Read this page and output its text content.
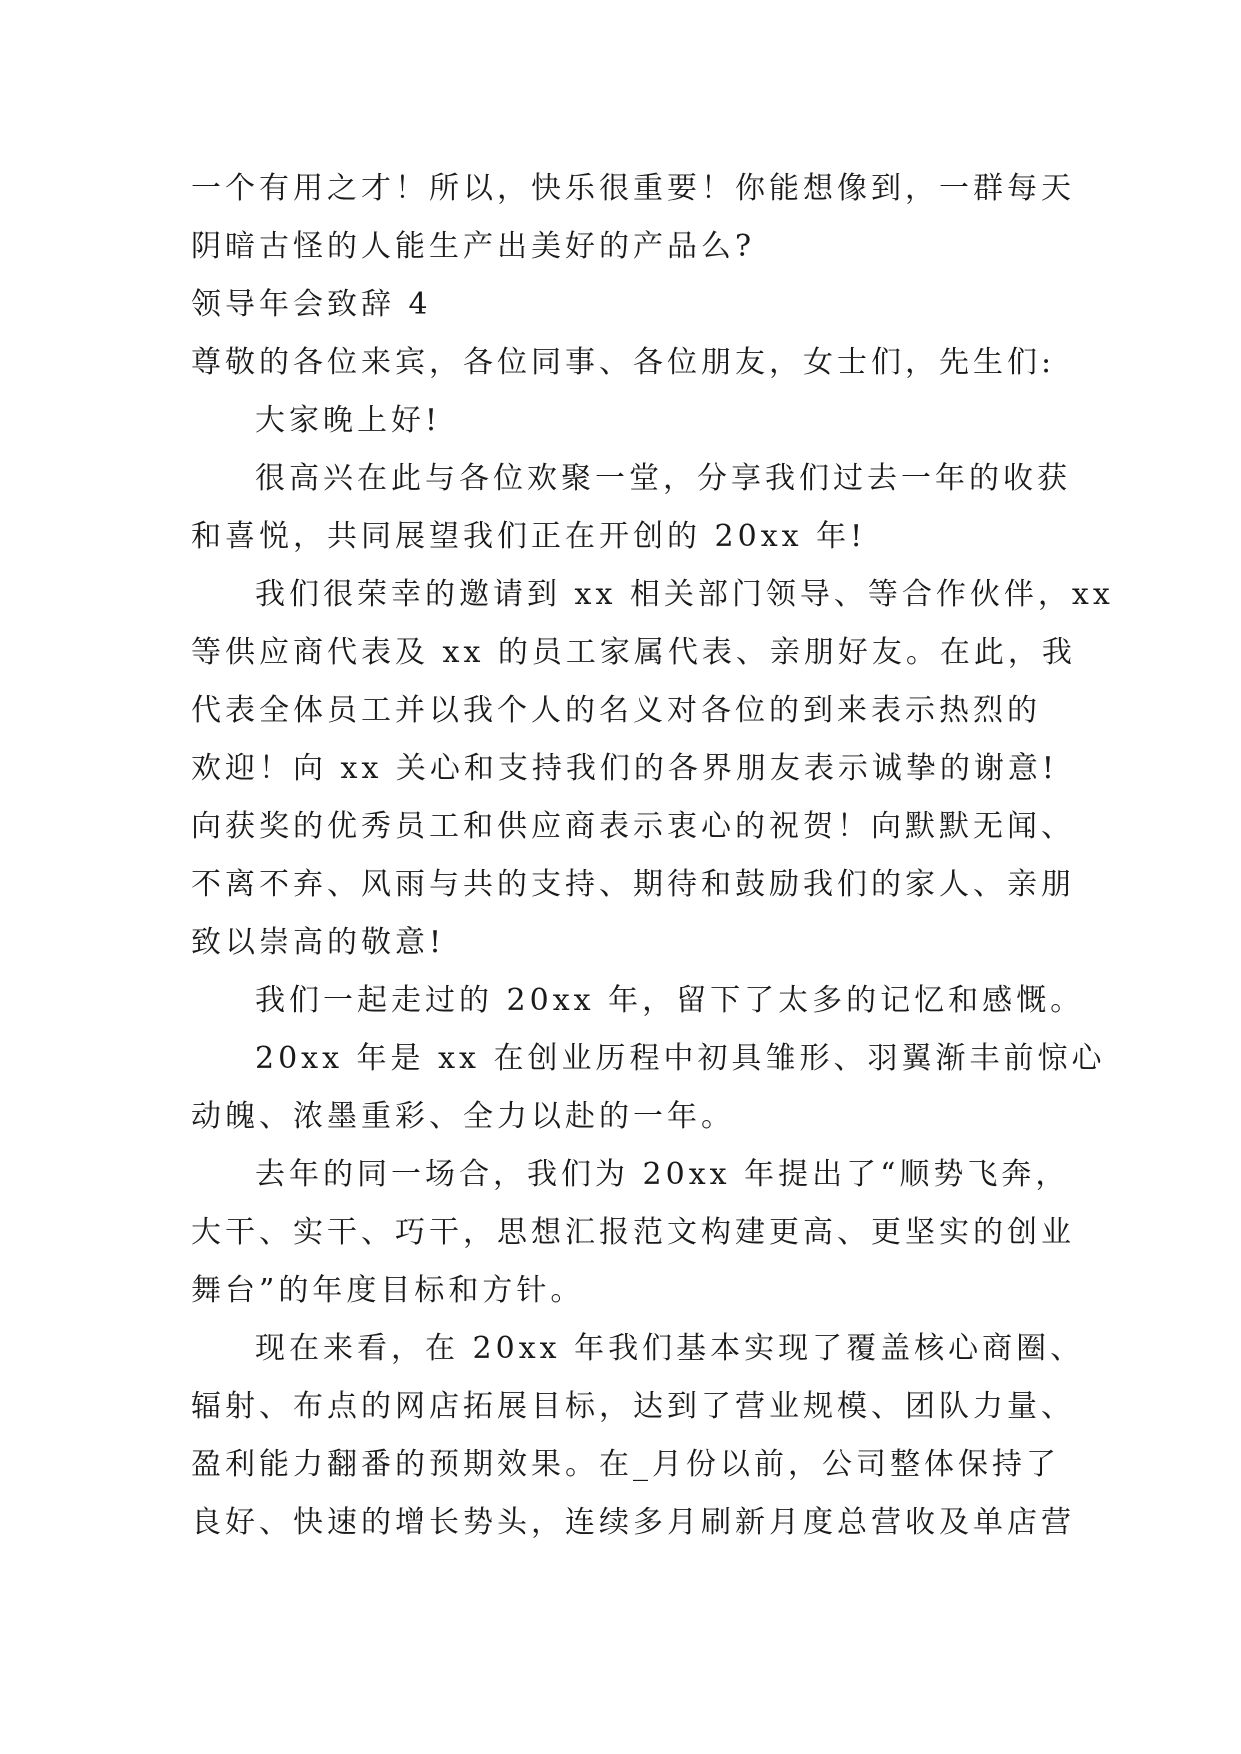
一个有用之才！所以，快乐很重要！你能想像到，一群每天
阴暗古怪的人能生产出美好的产品么?
领导年会致辞 4
尊敬的各位来宾，各位同事、各位朋友，女士们，先生们:
大家晚上好!
很高兴在此与各位欢聚一堂，分享我们过去一年的收获
和喜悦，共同展望我们正在开创的 20xx 年!
我们很荣幸的邀请到 xx 相关部门领导、等合作伙伴，xx
等供应商代表及 xx 的员工家属代表、亲朋好友。在此，我
代表全体员工并以我个人的名义对各位的到来表示热烈的
欢迎！向 xx 关心和支持我们的各界朋友表示诚挚的谢意!
向获奖的优秀员工和供应商表示衷心的祝贺！向默默无闻、
不离不弃、风雨与共的支持、期待和鼓励我们的家人、亲朋
致以崇高的敬意!
我们一起走过的 20xx 年，留下了太多的记忆和感慨。
20xx 年是 xx 在创业历程中初具雏形、羽翼渐丰前惊心
动魄、浓墨重彩、全力以赴的一年。
去年的同一场合，我们为 20xx 年提出了“顺势飞奔，
大干、实干、巧干，思想汇报范文构建更高、更坚实的创业
舞台”的年度目标和方针。
现在来看，在 20xx 年我们基本实现了覆盖核心商圈、
辐射、布点的网店拓展目标，达到了营业规模、团队力量、
盈利能力翻番的预期效果。在_月份以前，公司整体保持了
良好、快速的增长势头，连续多月刷新月度总营收及单店营
